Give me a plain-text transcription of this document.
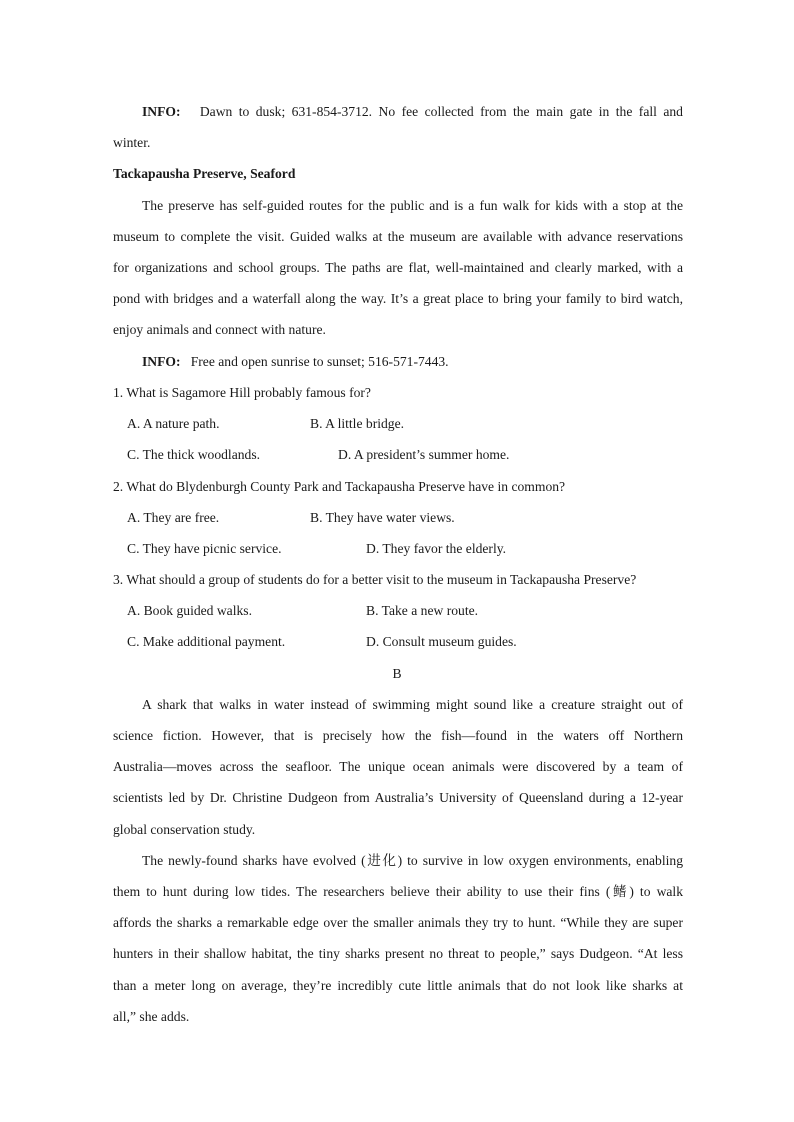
INFO: Dawn to dusk; 631-854-3712. No fee collected from the main gate in the fall and
winter.
Tackapausha Preserve, Seaford
The preserve has self-guided routes for the public and is a fun walk for kids with a stop at the
museum to complete the visit. Guided walks at the museum are available with advance reservations
for organizations and school groups. The paths are flat, well-maintained and clearly marked, with a
pond with bridges and a waterfall along the way. It’s a great place to bring your family to bird watch,
enjoy animals and connect with nature.
INFO: Free and open sunrise to sunset; 516-571-7443.
1. What is Sagamore Hill probably famous for?
A. A nature path.	B. A little bridge.
C. The thick woodlands.	D. A president’s summer home.
2. What do Blydenburgh County Park and Tackapausha Preserve have in common?
A. They are free.	B. They have water views.
C. They have picnic service.	D. They favor the elderly.
3. What should a group of students do for a better visit to the museum in Tackapausha Preserve?
A. Book guided walks.	B. Take a new route.
C. Make additional payment.	D. Consult museum guides.
B
A shark that walks in water instead of swimming might sound like a creature straight out of
science fiction. However, that is precisely how the fish—found in the waters off Northern
Australia—moves across the seafloor. The unique ocean animals were discovered by a team of
scientists led by Dr. Christine Dudgeon from Australia’s University of Queensland during a 12-year
global conservation study.
The newly-found sharks have evolved (进化) to survive in low oxygen environments, enabling
them to hunt during low tides. The researchers believe their ability to use their fins (鳍) to walk
affords the sharks a remarkable edge over the smaller animals they try to hunt. “While they are super
hunters in their shallow habitat, the tiny sharks present no threat to people,” says Dudgeon. “At less
than a meter long on average, they’re incredibly cute little animals that do not look like sharks at
all,” she adds.
